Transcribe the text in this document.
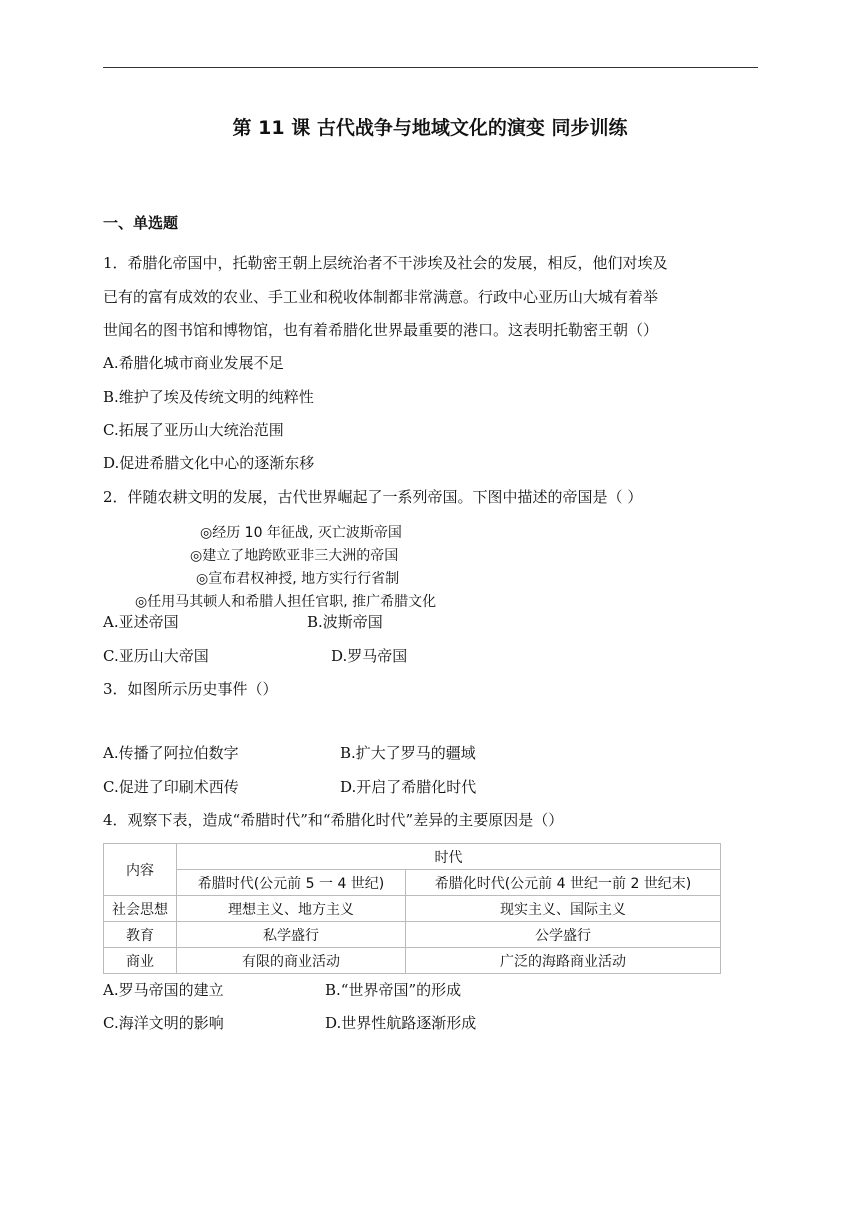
第 11 课 古代战争与地域文化的演变 同步训练
一、单选题
1．希腊化帝国中，托勒密王朝上层统治者不干涉埃及社会的发展，相反，他们对埃及
已有的富有成效的农业、手工业和税收体制都非常满意。行政中心亚历山大城有着举
世闻名的图书馆和博物馆，也有着希腊化世界最重要的港口。这表明托勒密王朝（）
A.希腊化城市商业发展不足
B.维护了埃及传统文明的纯粹性
C.拓展了亚历山大统治范围
D.促进希腊文化中心的逐渐东移
2．伴随农耕文明的发展，古代世界崛起了一系列帝国。下图中描述的帝国是（ ）
◎经历 10 年征战, 灭亡波斯帝国
◎建立了地跨欧亚非三大洲的帝国
◎宣布君权神授, 地方实行行省制
◎任用马其顿人和希腊人担任官职, 推广希腊文化
A.亚述帝国	B.波斯帝国
C.亚历山大帝国	D.罗马帝国
3．如图所示历史事件（）
A.传播了阿拉伯数字	B.扩大了罗马的疆域
C.促进了印刷术西传	D.开启了希腊化时代
4．观察下表，造成“希腊时代”和“希腊化时代”差异的主要原因是（）
内容	时代	
	希腊时代(公元前 5 一 4 世纪)	希腊化时代(公元前 4 世纪一前 2 世纪末)
社会思想	理想主义、地方主义	现实主义、国际主义
教育	私学盛行	公学盛行
商业	有限的商业活动	广泛的海路商业活动
A.罗马帝国的建立	B.“世界帝国”的形成
C.海洋文明的影响	D.世界性航路逐渐形成
